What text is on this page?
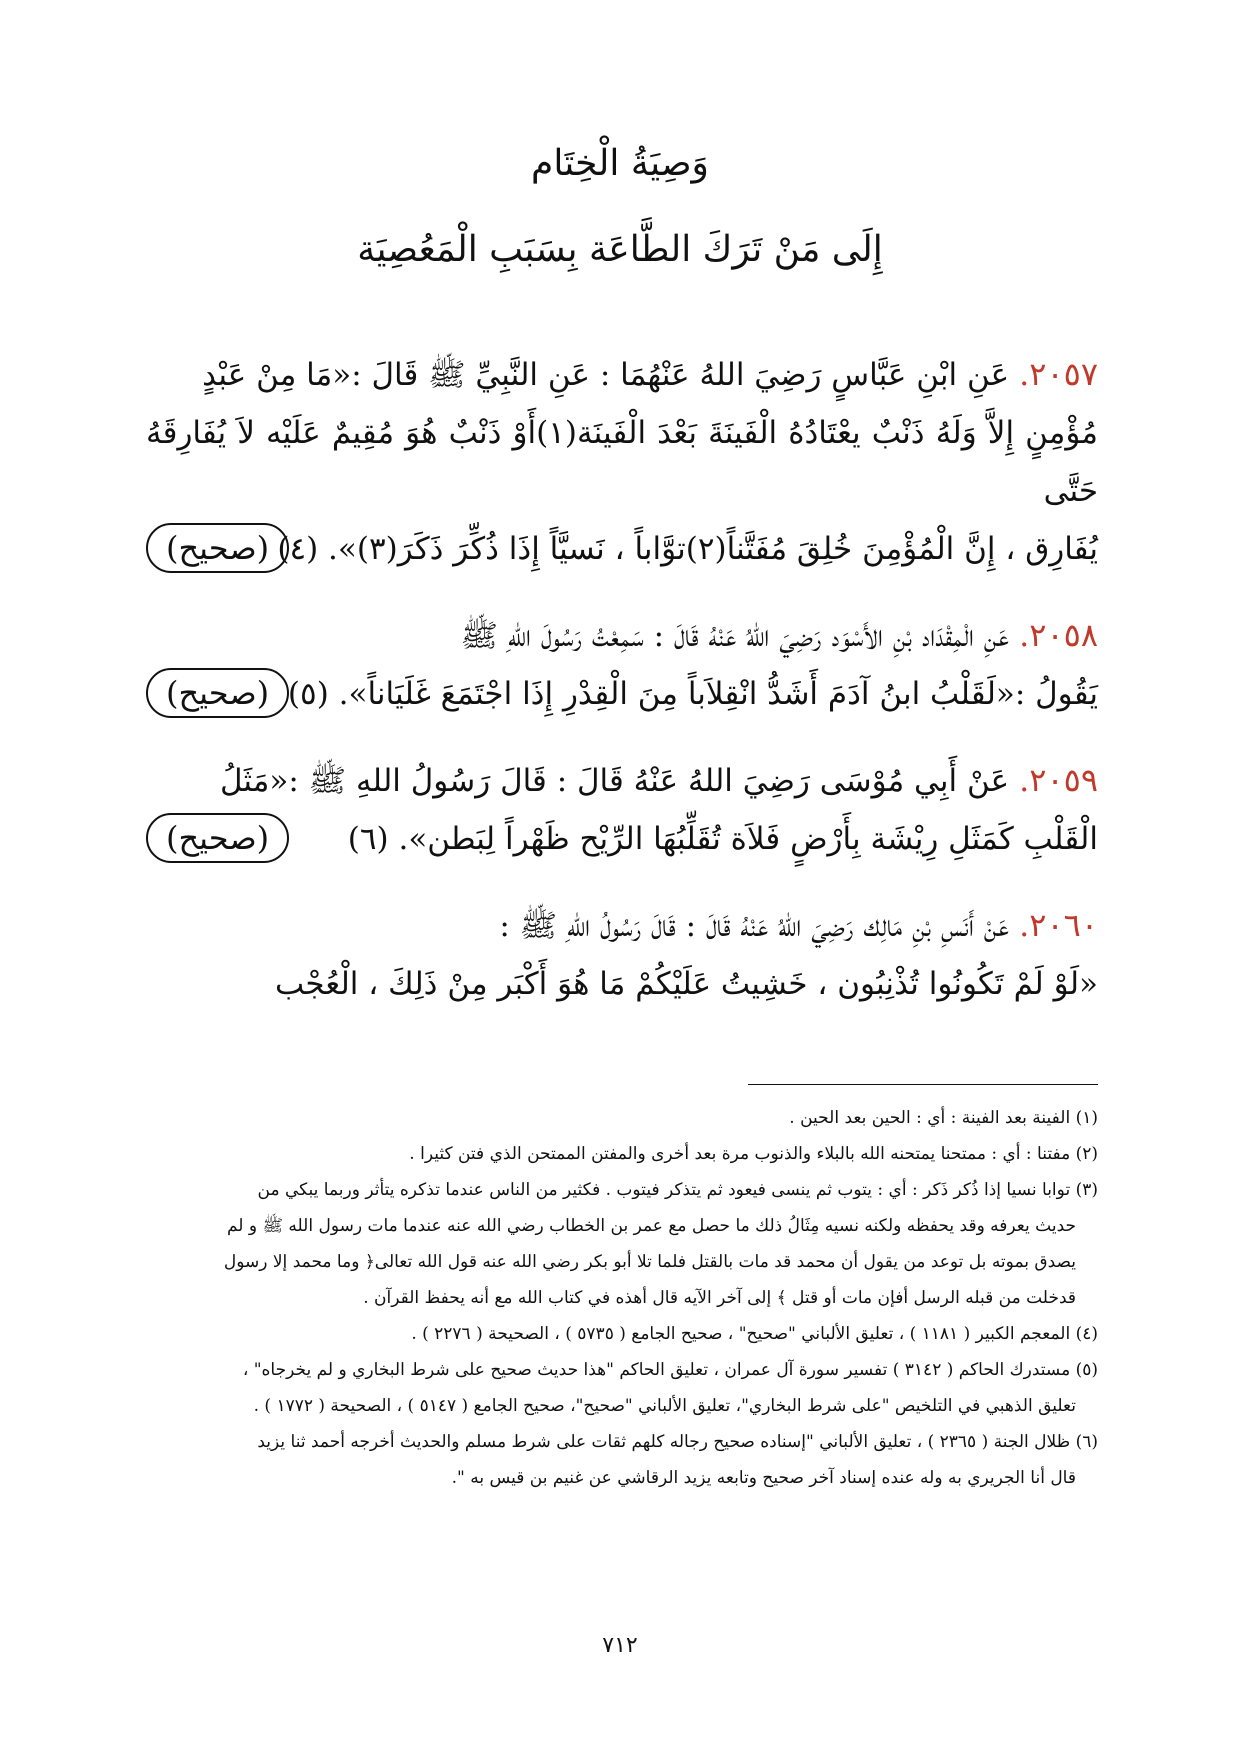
وَصِيَةُ الْخِتَام
إِلَى مَنْ تَرَكَ الطَّاعَة بِسَبَبِ الْمَعُصِيَة
٢٠٥٧.عَنِ ابْنِ عَبَّاسٍ رَضِيَ اللهُ عَنْهُمَا : عَنِ النَّبِيِّ ﷺ قَالَ :«مَا مِنْ عَبْدٍ
مُؤْمِنٍ إِلاَّ وَلَهُ ذَنْبٌ يعْتَادُهُ الْفَينَةَ بَعْدَ الْفَينَة(١)أَوْ ذَنْبٌ هُوَ مُقِيمٌ عَلَيْه لاَ يُفَارِقَهُ حَتَّى
يُفَارِق ، إِنَّ الْمُؤْمِنَ خُلِقَ مُفَتَّناً(٢)توَّاباً ، نَسيَّاً إِذَا ذُكِّرَ ذَكَرَ(٣)». (٤)
(صحيح)
٢٠٥٨.عَنِ الْمِقْدَاد بْنِ الأَسْوَد رَضِيَ اللهُ عَنْهُ قَالَ : سَمِعْتُ رَسُولَ اللهِ ﷺ
يَقُولُ :«لَقَلْبُ ابنُ آدَمَ أَشَدُّ انْقِلاَباً مِنَ الْقِدْرِ إِذَا اجْتَمَعَ غَلَيَاناً». (٥)
(صحيح)
٢٠٥٩.عَنْ أَبِي مُوْسَى رَضِيَ اللهُ عَنْهُ قَالَ : قَالَ رَسُولُ اللهِ ﷺ :«مَثَلُ
الْقَلْبِ كَمَثَلِ رِيْشَة بِأَرْضٍ فَلاَة تُقَلِّبُهَا الرِّيْح ظَهْراً لِبَطن». (٦)
(صحيح)
٢٠٦٠.عَنْ أَنَسِ بْنِ مَالِك رَضِيَ اللهُ عَنْهُ قَالَ : قَالَ رَسُولُ اللهِ ﷺ :
«لَوْ لَمْ تَكُونُوا تُذْنِبُون ، خَشِيتُ عَلَيْكُمْ مَا هُوَ أَكْبَر مِنْ ذَلِكَ ، الْعُجْب

(١) الفينة بعد الفينة : أي : الحين بعد الحين .

(٢) مفتنا : أي : ممتحنا يمتحنه الله بالبلاء والذنوب مرة بعد أخرى والمفتن الممتحن الذي فتن كثيرا .

(٣) توابا نسيا إذا ذُكر ذَكر : أي : يتوب ثم ينسى فيعود ثم يتذكر فيتوب . فكثير من الناس عندما تذكره يتأثر وربما يبكي من
حديث يعرفه وقد يحفظه ولكنه نسيه مِثَالُ ذلك ما حصل مع عمر بن الخطاب رضي الله عنه عندما مات رسول الله ﷺ و لم
يصدق بموته بل توعد من يقول أن محمد قد مات بالقتل فلما تلا أبو بكر رضي الله عنه قول الله تعالى﴿ وما محمد إلا رسول
قدخلت من قبله الرسل أفإن مات أو قتل ﴾ إلى آخر الآيه قال أهذه في كتاب الله مع أنه يحفظ القرآن .

(٤) المعجم الكبير ( ١١٨١ ) ، تعليق الألباني "صحيح" ، صحيح الجامع ( ٥٧٣٥ ) ، الصحيحة ( ٢٢٧٦ ) .

(٥) مستدرك الحاكم ( ٣١٤٢ ) تفسير سورة آل عمران ، تعليق الحاكم "هذا حديث صحيح على شرط البخاري و لم يخرجاه" ،
تعليق الذهبي في التلخيص "على شرط البخاري"، تعليق الألباني "صحيح"، صحيح الجامع ( ٥١٤٧ ) ، الصحيحة ( ١٧٧٢ ) .

(٦) ظلال الجنة ( ٢٣٦٥ ) ، تعليق الألباني "إسناده صحيح رجاله كلهم ثقات على شرط مسلم والحديث أخرجه أحمد ثنا يزيد
قال أنا الجريري به وله عنده إسناد آخر صحيح وتابعه يزيد الرقاشي عن غنيم بن قيس به ".

٧١٢
